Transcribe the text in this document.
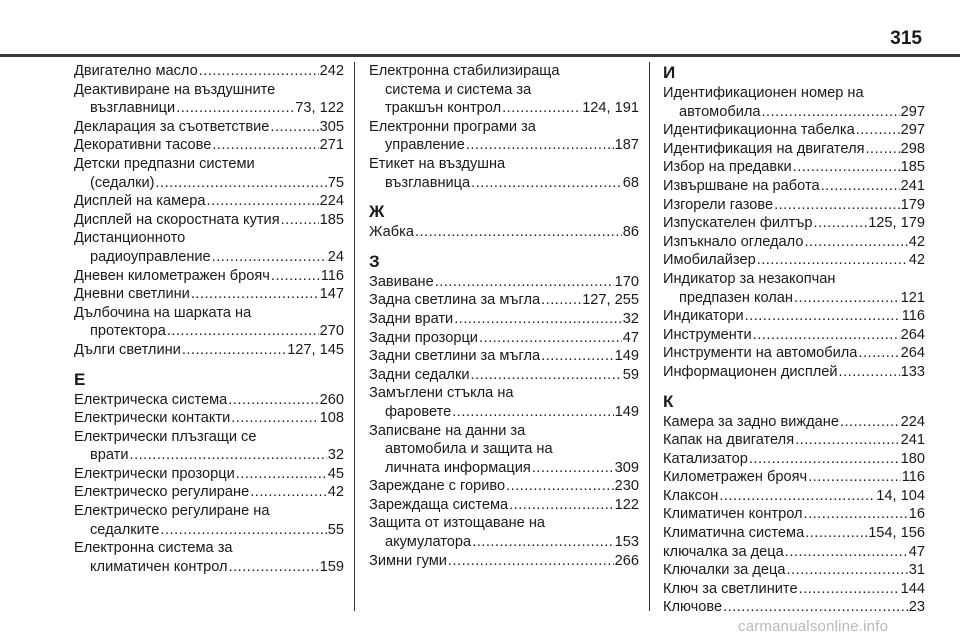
315
Двигателно масло .....	242
Деактивиране на въздушните
възглавници .....	73, 122
Декларация за съответствие .....	305
Декоративни тасове .....	271
Детски предпазни системи
(седалки) .....	75
Дисплей на камера .....	224
Дисплей на скоростната кутия .....	185
Дистанционното
радиоуправление .....	24
Дневен километражен брояч .....	116
Дневни светлини .....	147
Дълбочина на шарката на
протектора .....	270
Дълги светлини .....	127, 145
Е
Електрическа система .....	260
Електрически контакти .....	108
Електрически плъзгащи се
врати .....	32
Електрически прозорци .....	45
Електрическо регулиране .....	42
Електрическо регулиране на
седалките .....	55
Електронна система за
климатичен контрол .....	159
Електронна стабилизираща
система и система за
тракшън контрол .....	124, 191
Електронни програми за
управление .....	187
Етикет на въздушна
възглавница .....	68
Ж
Жабка .....	86
З
Завиване .....	170
Задна светлина за мъгла .....	127, 255
Задни врати .....	32
Задни прозорци .....	47
Задни светлини за мъгла .....	149
Задни седалки .....	59
Замъглени стъкла на
фаровете .....	149
Записване на данни за
автомобила и защита на
личната информация .....	309
Зареждане с гориво .....	230
Зареждаща система .....	122
Защита от изтощаване на
акумулатора .....	153
Зимни гуми .....	266
И
Идентификационен номер на
автомобила .....	297
Идентификационна табелка .....	297
Идентификация на двигателя ..... 298
Избор на предавки .....	185
Извършване на работа .....	241
Изгорели газове .....	179
Изпускателен филтър .....	125, 179
Изпъкнало огледало .....	42
Имобилайзер .....	42
Индикатор за незакопчан
предпазен колан .....	121
Индикатори .....	116
Инструменти .....	264
Инструменти на автомобила .....	264
Информационен дисплей .....	133
К
Камера за задно виждане .....	224
Капак на двигателя .....	241
Катализатор .....	180
Километражен брояч .....	116
Клаксон .....	14, 104
Климатичен контрол .....	16
Климатична система .....	154, 156
ключалка за деца .....	47
Ключалки за деца .....	31
Ключ за светлините .....	144
Ключове .....	23
carmanualsonline.info
